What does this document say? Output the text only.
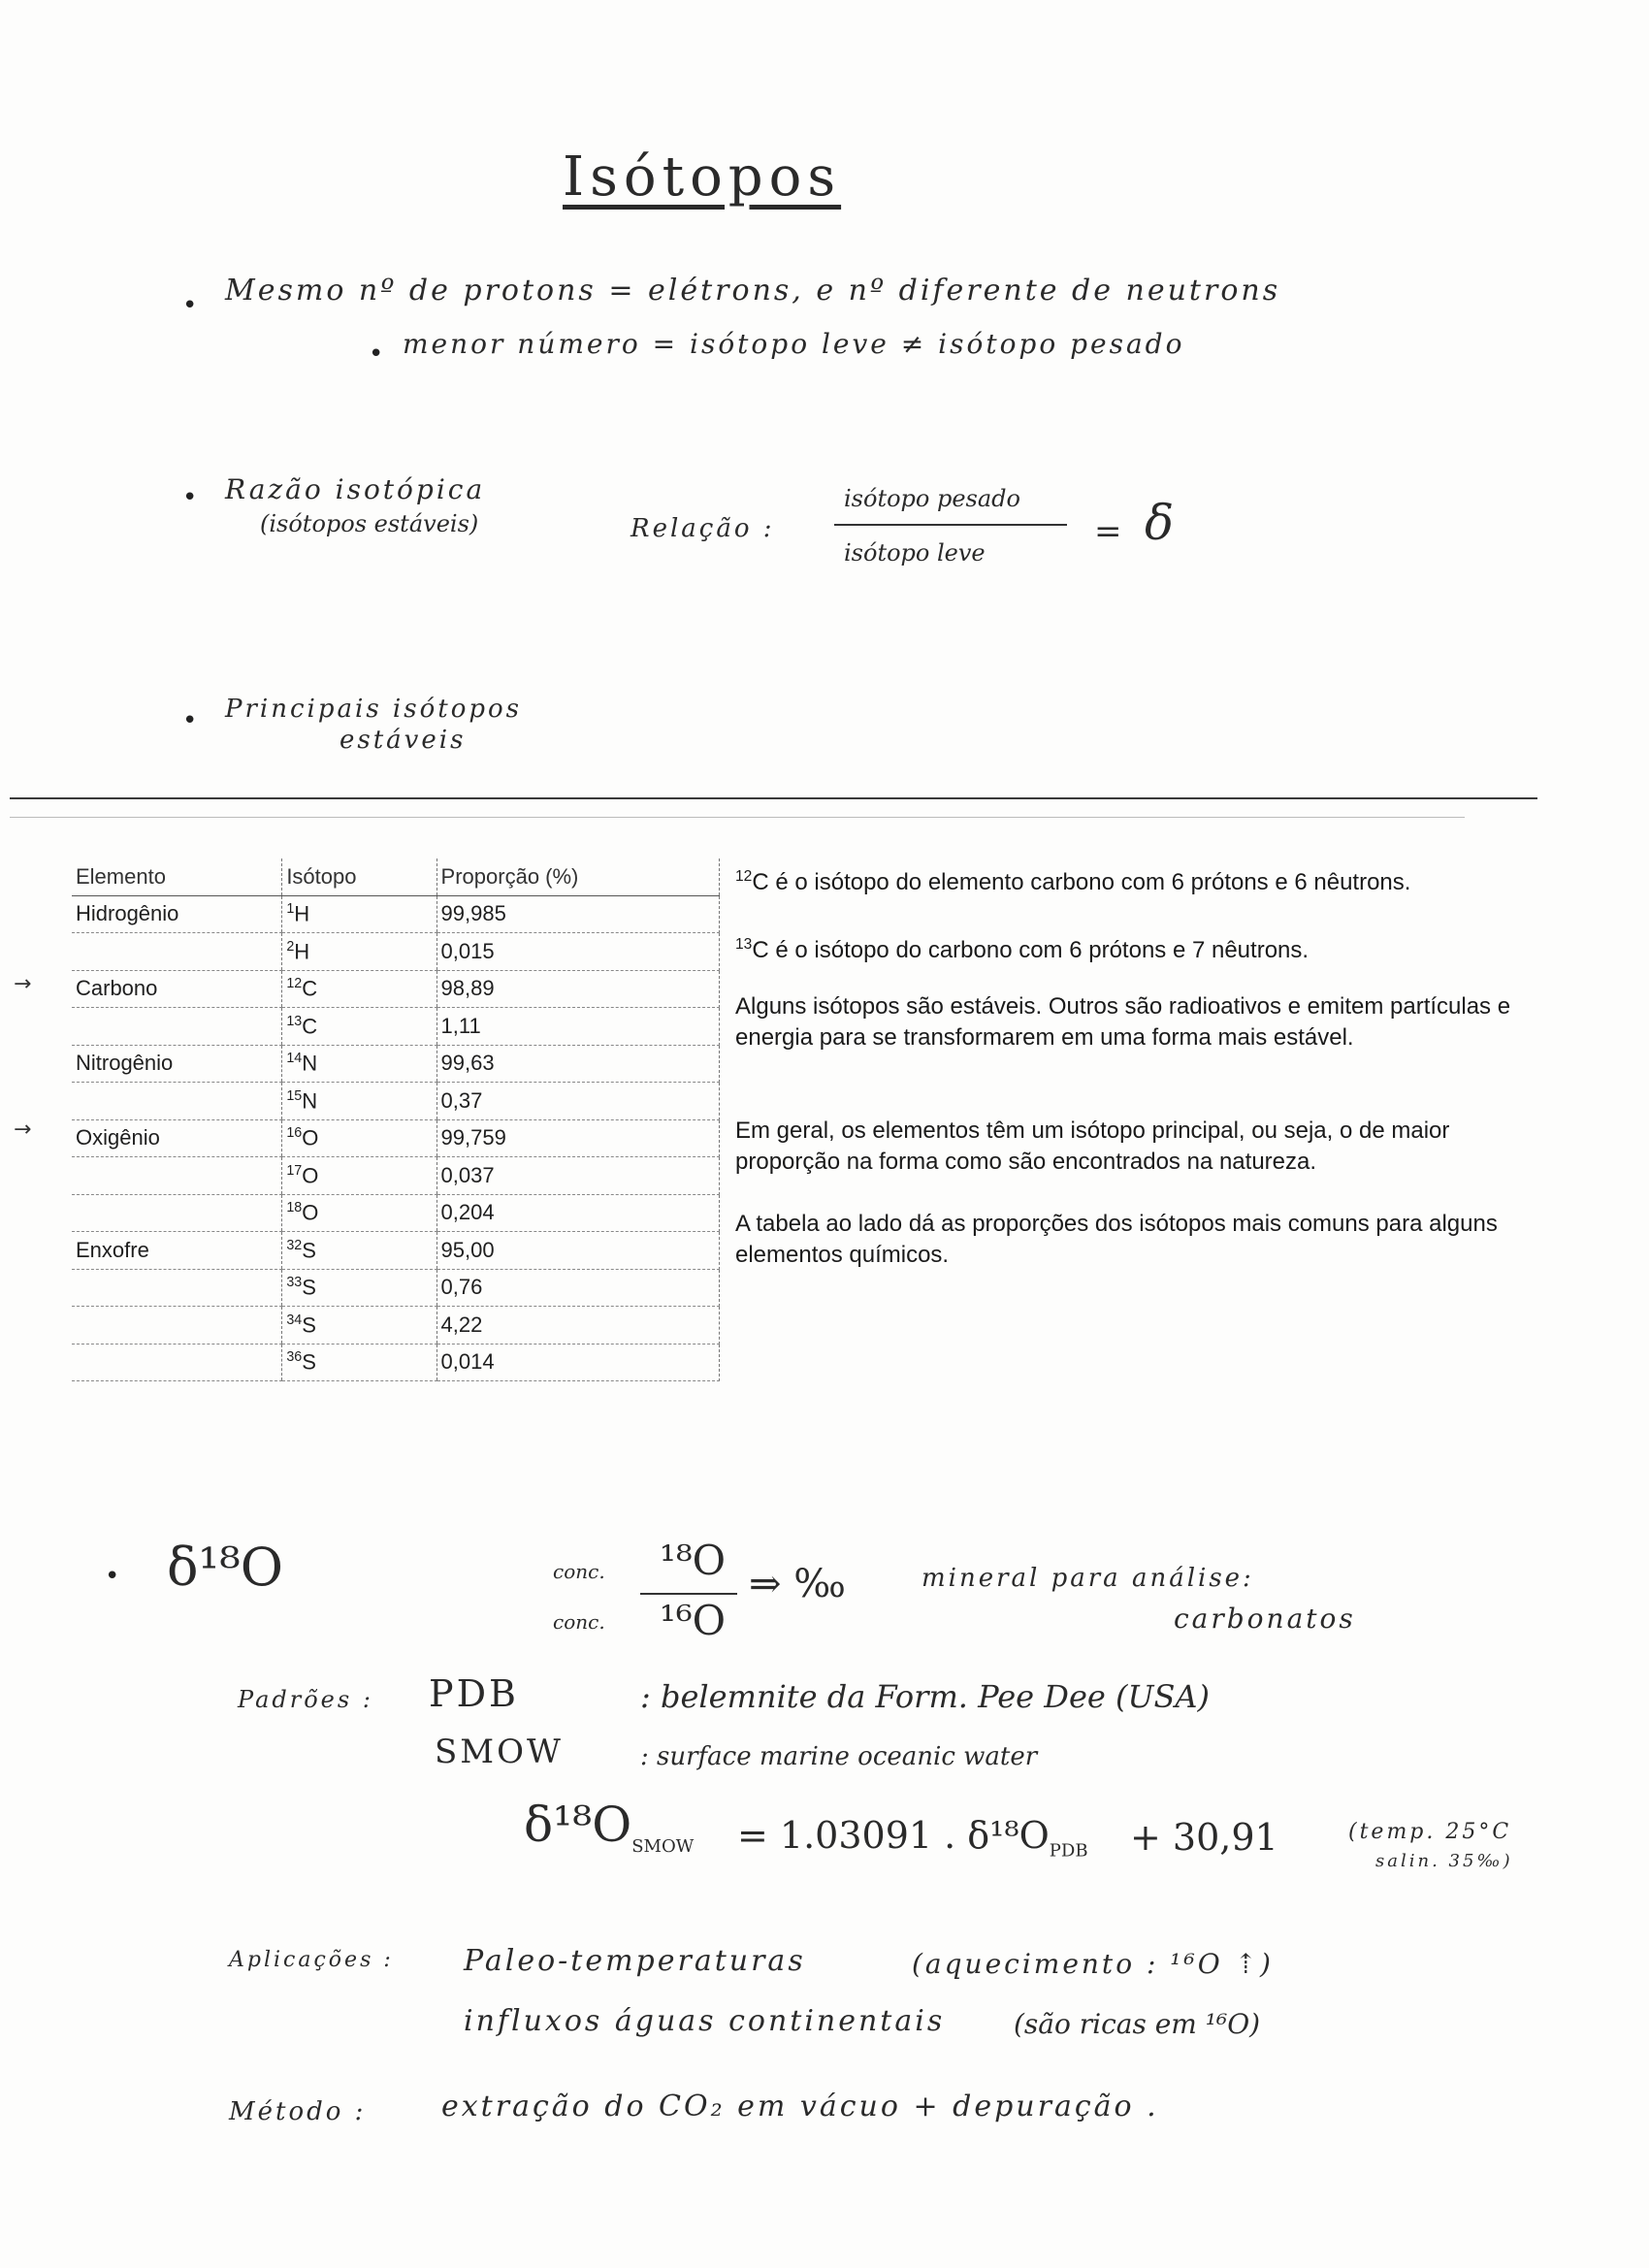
Isótopos
• Mesmo nº de protons = elétrons, e nº diferente de neutrons
• menor número = isótopo leve ≠ isótopo pesado
• Razão isotópica
(isótopos estáveis)	Relação :
isótopo pesado
isótopo leve
= δ
• Principais isótopos
estáveis
→
→
Elemento	Isótopo	Proporção (%)
Hidrogênio	$^1$H	99,985
	$^2$H	0,015
Carbono	$^{12}$C	98,89
	$^{13}$C	1,11
Nitrogênio	$^{14}$N	99,63
	$^{15}$N	0,37
Oxigênio	$^{16}$O	99,759
	$^{17}$O	0,037
	$^{18}$O	0,204
Enxofre	$^{32}$S	95,00
	$^{33}$S	0,76
	$^{34}$S	4,22
	$^{36}$S	0,014
$^{12}$C é o isótopo do elemento carbono com 6 prótons e 6 nêutrons.
$^{13}$C é o isótopo do carbono com 6 prótons e 7 nêutrons.
Alguns isótopos são estáveis. Outros são radioativos e emitem partículas e energia para se transformarem em uma forma mais estável.
Em geral, os elementos têm um isótopo principal, ou seja, o de maior proporção na forma como são encontrados na natureza.
A tabela ao lado dá as proporções dos isótopos mais comuns para alguns elementos químicos.
• δ¹⁸O	conc. ¹⁸O
conc. ¹⁶O
⇒ ‰	mineral para análise:
carbonatos
Padrões : PDB	: belemnite da Form. Pee Dee (USA)
SMOW	: surface marine oceanic water
$\delta^{18}O_{SMOW} = 1.03091$ . $\delta^{18}O_{PDB} + 30,91$	(temp. 25°C
salin. 35‰)
Aplicações : Paleo-temperaturas	(aquecimento : ¹⁶O ⇡)
influxos águas continentais	(são ricas em ¹⁶O)
Método :	extração do CO₂ em vácuo + depuração .
